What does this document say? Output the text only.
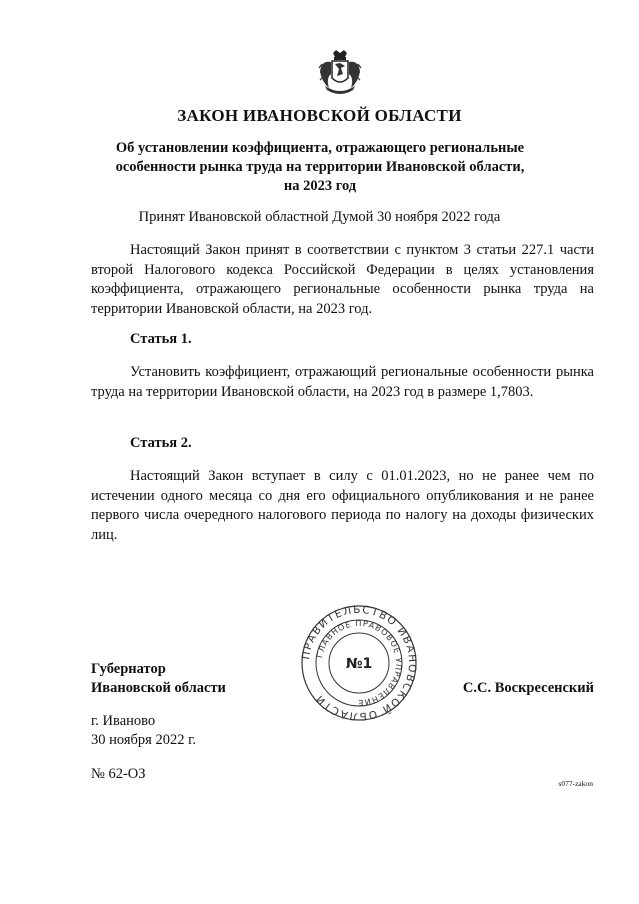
ЗАКОН ИВАНОВСКОЙ ОБЛАСТИ
Об установлении коэффициента, отражающего региональные
особенности рынка труда на территории Ивановской области,
на 2023 год
Принят Ивановской областной Думой 30 ноября 2022 года
Настоящий Закон принят в соответствии с пунктом 3 статьи 227.1 части второй Налогового кодекса Российской Федерации в целях установления коэффициента, отражающего региональные особенности рынка труда на территории Ивановской области, на 2023 год.
Статья 1.
Установить коэффициент, отражающий региональные особенности рынка труда на территории Ивановской области, на 2023 год в размере 1,7803.
Статья 2.
Настоящий Закон вступает в силу с 01.01.2023, но не ранее чем по истечении одного месяца со дня его официального опубликования и не ранее первого числа очередного налогового периода по налогу на доходы физических лиц.
Губернатор
Ивановской области	С.С. Воскресенский
ПРАВИТЕЛЬСТВО ИВАНОВСКОЙ ОБЛАСТИ
ГЛАВНОЕ ПРАВОВОЕ УПРАВЛЕНИЕ
№1
г. Иваново
30 ноября 2022 г.
№ 62-ОЗ
s077-zakon
